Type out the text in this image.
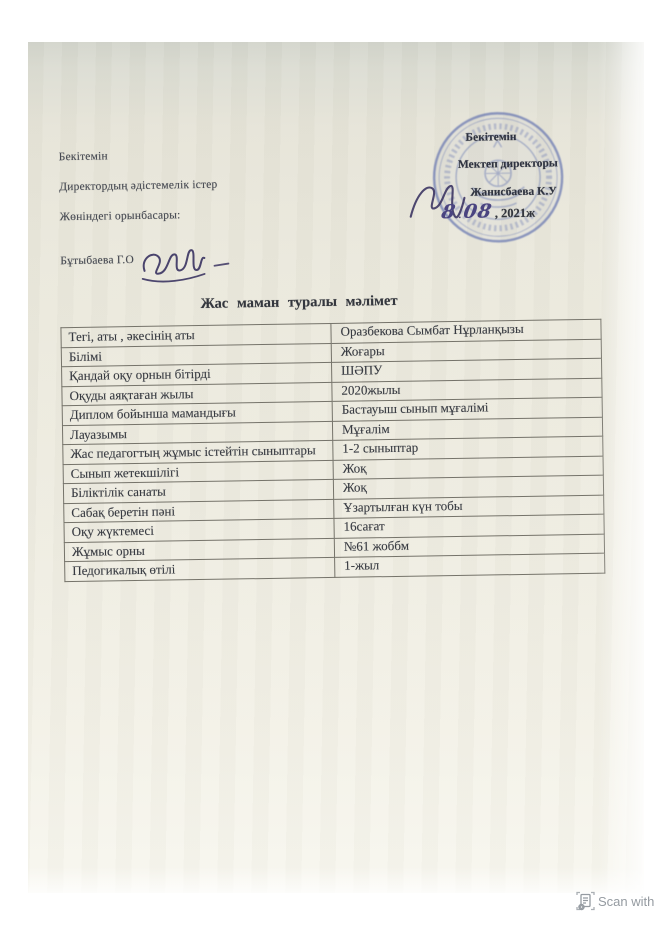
Бекітемін
Директордың әдістемелік істер
Жөніндегі орынбасары:
Бұтыбаева Г.О
Бекітемін
Мектеп директоры
Жанисбаева К.У
8 . 08 , 2021ж
Жас маман туралы мәлімет
Тегі, аты , әкесінің аты	Оразбекова Сымбат Нұрланқызы
Білімі	Жоғары
Қандай оқу орнын бітірді	ШӘПУ
Оқуды аяқтаған жылы	2020жылы
Диплом бойынша мамандығы	Бастауыш сынып мұғалімі
Лауазымы	Мұғалім
Жас педагогтың жұмыс істейтін сыныптары	1-2 сыныптар
Сынып жетекшілігі	Жоқ
Біліктілік санаты	Жоқ
Сабақ беретін пәні	Ұзартылған күн тобы
Оқу жүктемесі	16сағат
Жұмыс орны	№61 жоббм
Педогикалық өтілі	1-жыл
Scan with
